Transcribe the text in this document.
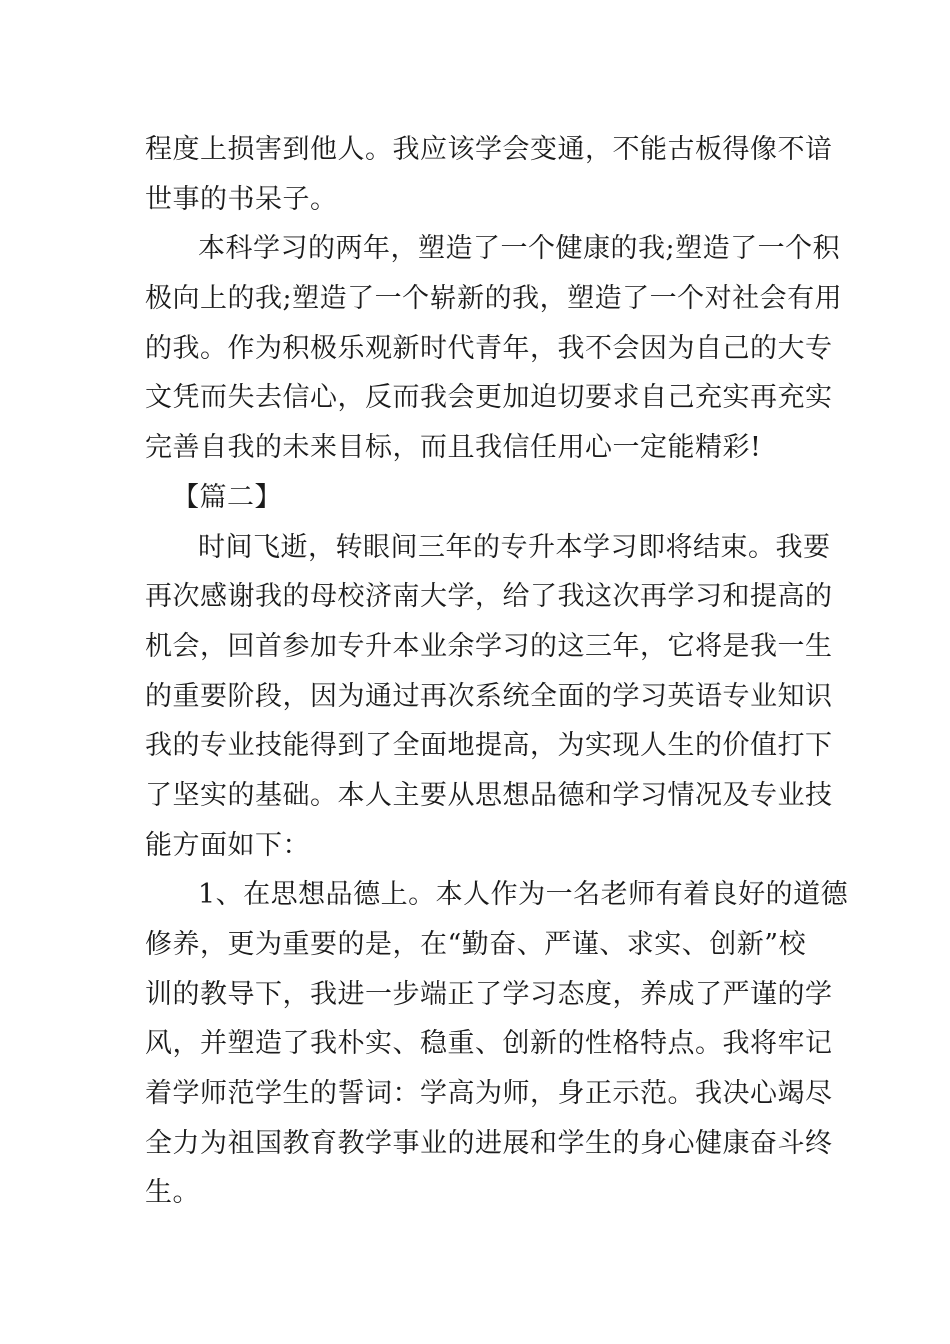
程度上损害到他人。我应该学会变通，不能古板得像不谙

世事的书呆子。

本科学习的两年，塑造了一个健康的我;塑造了一个积

极向上的我;塑造了一个崭新的我，塑造了一个对社会有用

的我。作为积极乐观新时代青年，我不会因为自己的大专

文凭而失去信心，反而我会更加迫切要求自己充实再充实

完善自我的未来目标，而且我信任用心一定能精彩!

【篇二】

时间飞逝，转眼间三年的专升本学习即将结束。我要

再次感谢我的母校济南大学，给了我这次再学习和提高的

机会，回首参加专升本业余学习的这三年，它将是我一生

的重要阶段，因为通过再次系统全面的学习英语专业知识

我的专业技能得到了全面地提高，为实现人生的价值打下

了坚实的基础。本人主要从思想品德和学习情况及专业技

能方面如下：

1、在思想品德上。本人作为一名老师有着良好的道德

修养，更为重要的是，在“勤奋、严谨、求实、创新”校

训的教导下，我进一步端正了学习态度，养成了严谨的学

风，并塑造了我朴实、稳重、创新的性格特点。我将牢记

着学师范学生的誓词：学高为师，身正示范。我决心竭尽

全力为祖国教育教学事业的进展和学生的身心健康奋斗终

生。
